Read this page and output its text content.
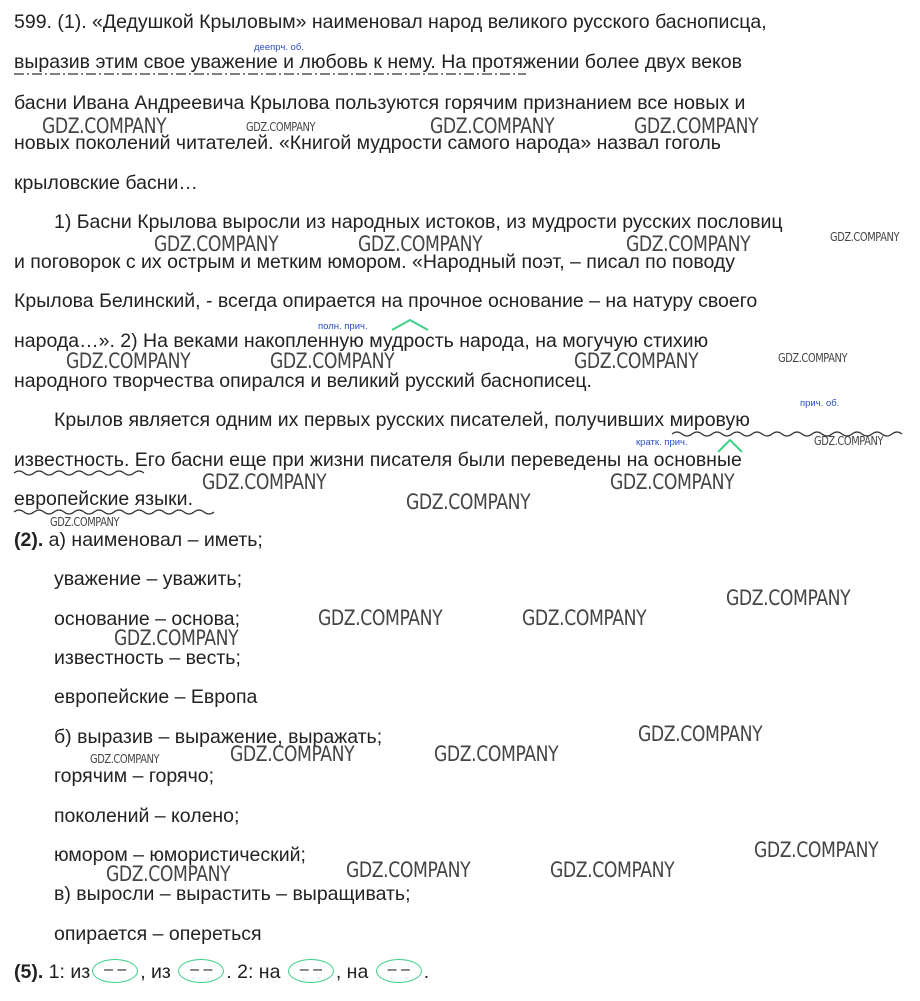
599. (1). «Дедушкой Крыловым» наименовал народ великого русского баснописца,
выразив этим свое уважение и любовь к нему. На протяжении более двух веков
басни Ивана Андреевича Крылова пользуются горячим признанием все новых и
новых поколений читателей. «Книгой мудрости самого народа» назвал гоголь
крыловские басни…
1) Басни Крылова выросли из народных истоков, из мудрости русских пословиц
и поговорок с их острым и метким юмором. «Народный поэт, – писал по поводу
Крылова Белинский, - всегда опирается на прочное основание – на натуру своего
народа…». 2) На веками накопленную мудрость народа, на могучую стихию
народного творчества опирался и великий русский баснописец.
Крылов является одним их первых русских писателей, получивших мировую
известность. Его басни еще при жизни писателя были переведены на основные
европейские языки.
деепрч. об.
полн. прич.
прич. об.
кратк. прич.
(2). а) наименовал – иметь;
уважение – уважить;
основание – основа;
известность – весть;
европейские – Европа
б) выразив – выражение, выражать;
горячим – горячо;
поколений – колено;
юмором – юмористический;
в) выросли – вырастить – выращивать;
опирается – опереться
(5). 1: из – – , из – – . 2: на – – , на – – .
GDZ.COMPANY	GDZ.COMPANY	GDZ.COMPANY	GDZ.COMPANY
GDZ.COMPANY	GDZ.COMPANY	GDZ.COMPANY	GDZ.COMPANY
GDZ.COMPANY	GDZ.COMPANY	GDZ.COMPANY	GDZ.COMPANY
GDZ.COMPANY
GDZ.COMPANY	GDZ.COMPANY
GDZ.COMPANY
GDZ.COMPANY
GDZ.COMPANY
GDZ.COMPANY	GDZ.COMPANY
GDZ.COMPANY
GDZ.COMPANY
GDZ.COMPANY	GDZ.COMPANY
GDZ.COMPANY
GDZ.COMPANY
GDZ.COMPANY	GDZ.COMPANY
GDZ.COMPANY
